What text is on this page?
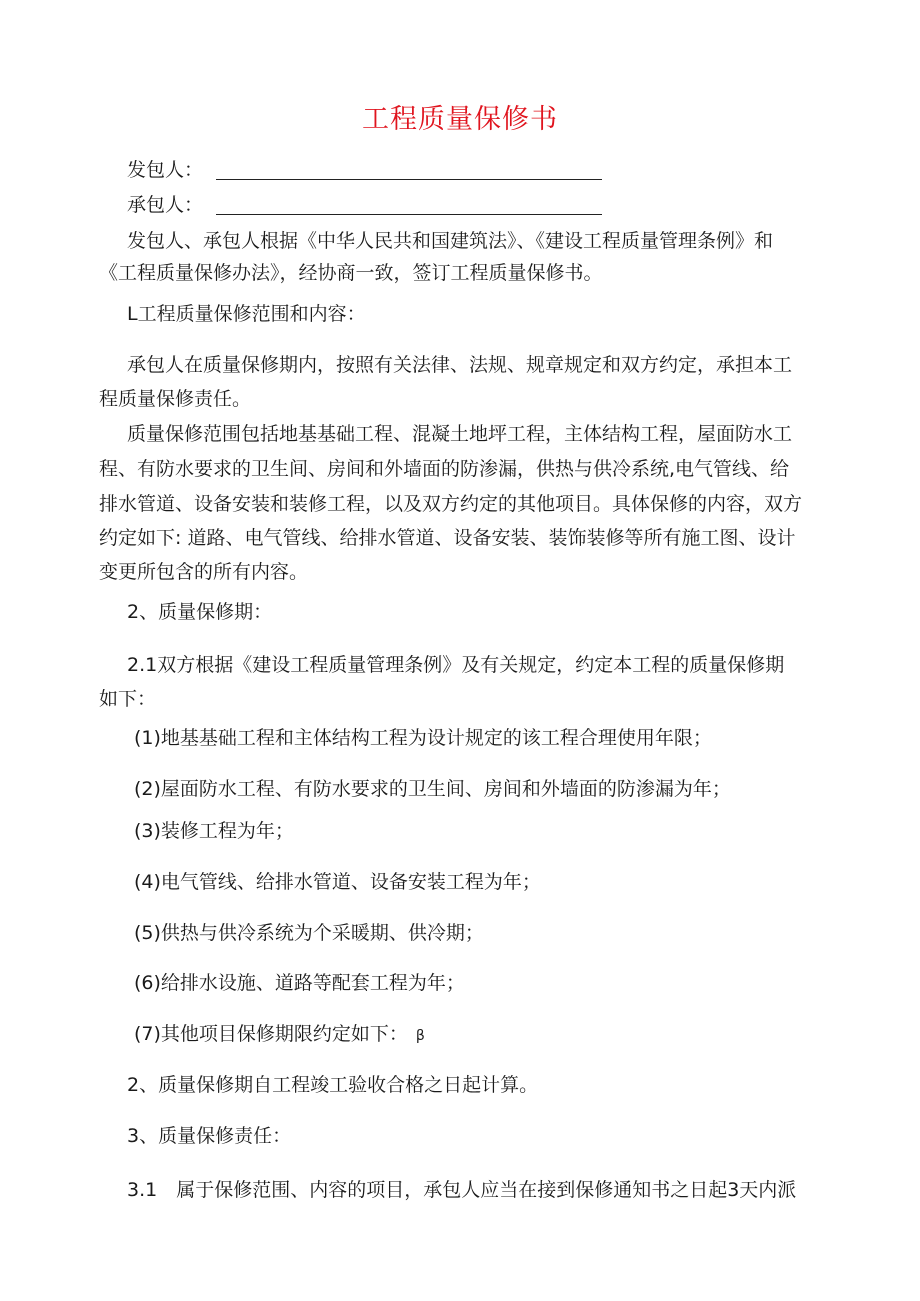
工程质量保修书
发包人：
承包人：
发包人、承包人根据《中华人民共和国建筑法》、《建设工程质量管理条例》和
《工程质量保修办法》，经协商一致，签订工程质量保修书。
L工程质量保修范围和内容：
承包人在质量保修期内，按照有关法律、法规、规章规定和双方约定，承担本工
程质量保修责任。
质量保修范围包括地基基础工程、混凝土地坪工程，主体结构工程，屋面防水工
程、有防水要求的卫生间、房间和外墙面的防渗漏，供热与供冷系统,电气管线、给
排水管道、设备安装和装修工程，以及双方约定的其他项目。具体保修的内容，双方
约定如下: 道路、电气管线、给排水管道、设备安装、装饰装修等所有施工图、设计
变更所包含的所有内容。
2、质量保修期：
2.1双方根据《建设工程质量管理条例》及有关规定，约定本工程的质量保修期
如下：
(1)地基基础工程和主体结构工程为设计规定的该工程合理使用年限；
(2)屋面防水工程、有防水要求的卫生间、房间和外墙面的防渗漏为年；
(3)装修工程为年；
(4)电气管线、给排水管道、设备安装工程为年；
(5)供热与供冷系统为个采暖期、供冷期；
(6)给排水设施、道路等配套工程为年；
(7)其他项目保修期限约定如下： β
2、质量保修期自工程竣工验收合格之日起计算。
3、质量保修责任：
3.1　属于保修范围、内容的项目，承包人应当在接到保修通知书之日起3天内派
